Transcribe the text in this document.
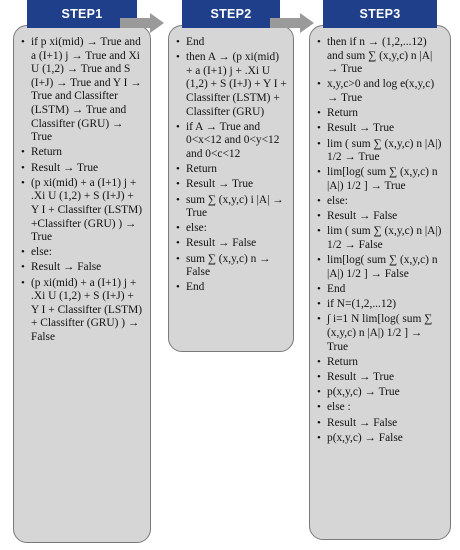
• if p xi(mid) → True and a (I+1) j → True and Xi U (1,2) → True and S (I+J) → True and Y I → True and Classifter (LSTM) → True and Classifter (GRU) → True
• Return
• Result → True
• (p xi(mid) + a (I+1) j + .Xi U (1,2) + S (I+J) + Y I + Classifter (LSTM) +Classifter (GRU) ) → True
• else:
• Result → False
• (p xi(mid) + a (I+1) j + .Xi U (1,2) + S (I+J) + Y I + Classifter (LSTM) + Classifter (GRU) ) → False
STEP1
• End
• then A → (p xi(mid) + a (I+1) j + .Xi U (1,2) + S (I+J) + Y I + Classifter (LSTM) + Classifter (GRU)
• if A → True and 0<x<12 and 0<y<12 and 0<c<12
• Return
• Result → True
• sum ∑ (x,y,c) i |A| → True
• else:
• Result → False
• sum ∑ (x,y,c) n → False
• End
STEP2
• then if n → (1,2,...12) and sum ∑ (x,y,c) n |A| → True
• x,y,c>0 and log e(x,y,c) → True
• Return
• Result → True
• lim ( sum ∑ (x,y,c) n |A|) 1/2 → True
• lim[log( sum ∑ (x,y,c) n |A|) 1/2 ] → True
• else:
• Result → False
• lim ( sum ∑ (x,y,c) n |A|) 1/2 → False
• lim[log( sum ∑ (x,y,c) n |A|) 1/2 ] → False
• End
• if N=(1,2,...12)
• ∫ i=1 N lim[log( sum ∑ (x,y,c) n |A|) 1/2 ] → True
• Return
• Result → True
• p(x,y,c) → True
• else :
• Result → False
• p(x,y,c) → False
STEP3
